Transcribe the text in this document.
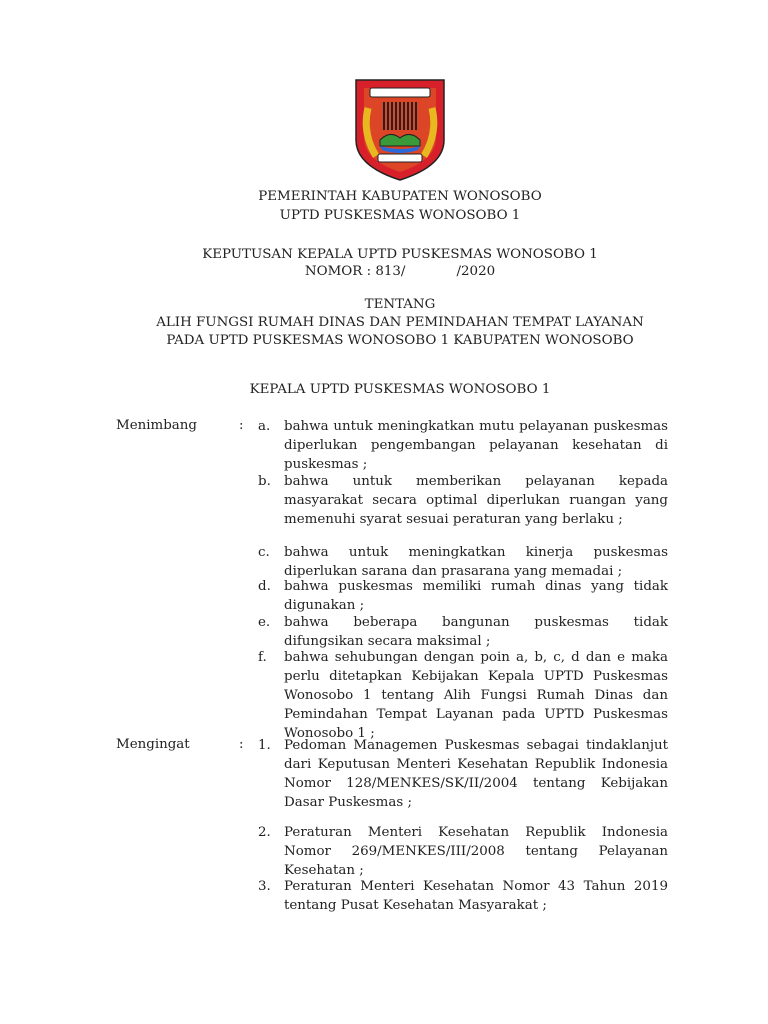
PEMERINTAH KABUPATEN WONOSOBO
UPTD PUSKESMAS WONOSOBO 1
KEPUTUSAN KEPALA UPTD PUSKESMAS WONOSOBO 1
NOMOR : 813/            /2020
TENTANG
ALIH FUNGSI RUMAH DINAS DAN PEMINDAHAN TEMPAT LAYANAN
PADA UPTD PUSKESMAS WONOSOBO 1 KABUPATEN WONOSOBO
KEPALA UPTD PUSKESMAS WONOSOBO 1
Menimbang	: a. bahwa untuk meningkatkan mutu pelayanan puskesmas diperlukan pengembangan pelayanan kesehatan di puskesmas ;
b. bahwa untuk memberikan pelayanan kepada masyarakat secara optimal diperlukan ruangan yang memenuhi syarat sesuai peraturan yang berlaku ;
c. bahwa untuk meningkatkan kinerja puskesmas diperlukan sarana dan prasarana yang memadai ;
d. bahwa puskesmas memiliki rumah dinas yang tidak digunakan ;
e. bahwa beberapa bangunan puskesmas tidak difungsikan secara maksimal ;
f. bahwa sehubungan dengan poin a, b, c, d dan e maka perlu ditetapkan Kebijakan Kepala UPTD Puskesmas Wonosobo 1 tentang Alih Fungsi Rumah Dinas dan Pemindahan Tempat Layanan pada UPTD Puskesmas Wonosobo 1 ;
Mengingat	: 1. Pedoman Managemen Puskesmas sebagai tindaklanjut dari Keputusan Menteri Kesehatan Republik Indonesia Nomor 128/MENKES/SK/II/2004 tentang Kebijakan Dasar Puskesmas ;
2. Peraturan Menteri Kesehatan Republik Indonesia Nomor 269/MENKES/III/2008 tentang Pelayanan Kesehatan ;
3. Peraturan Menteri Kesehatan Nomor 43 Tahun 2019 tentang Pusat Kesehatan Masyarakat ;
